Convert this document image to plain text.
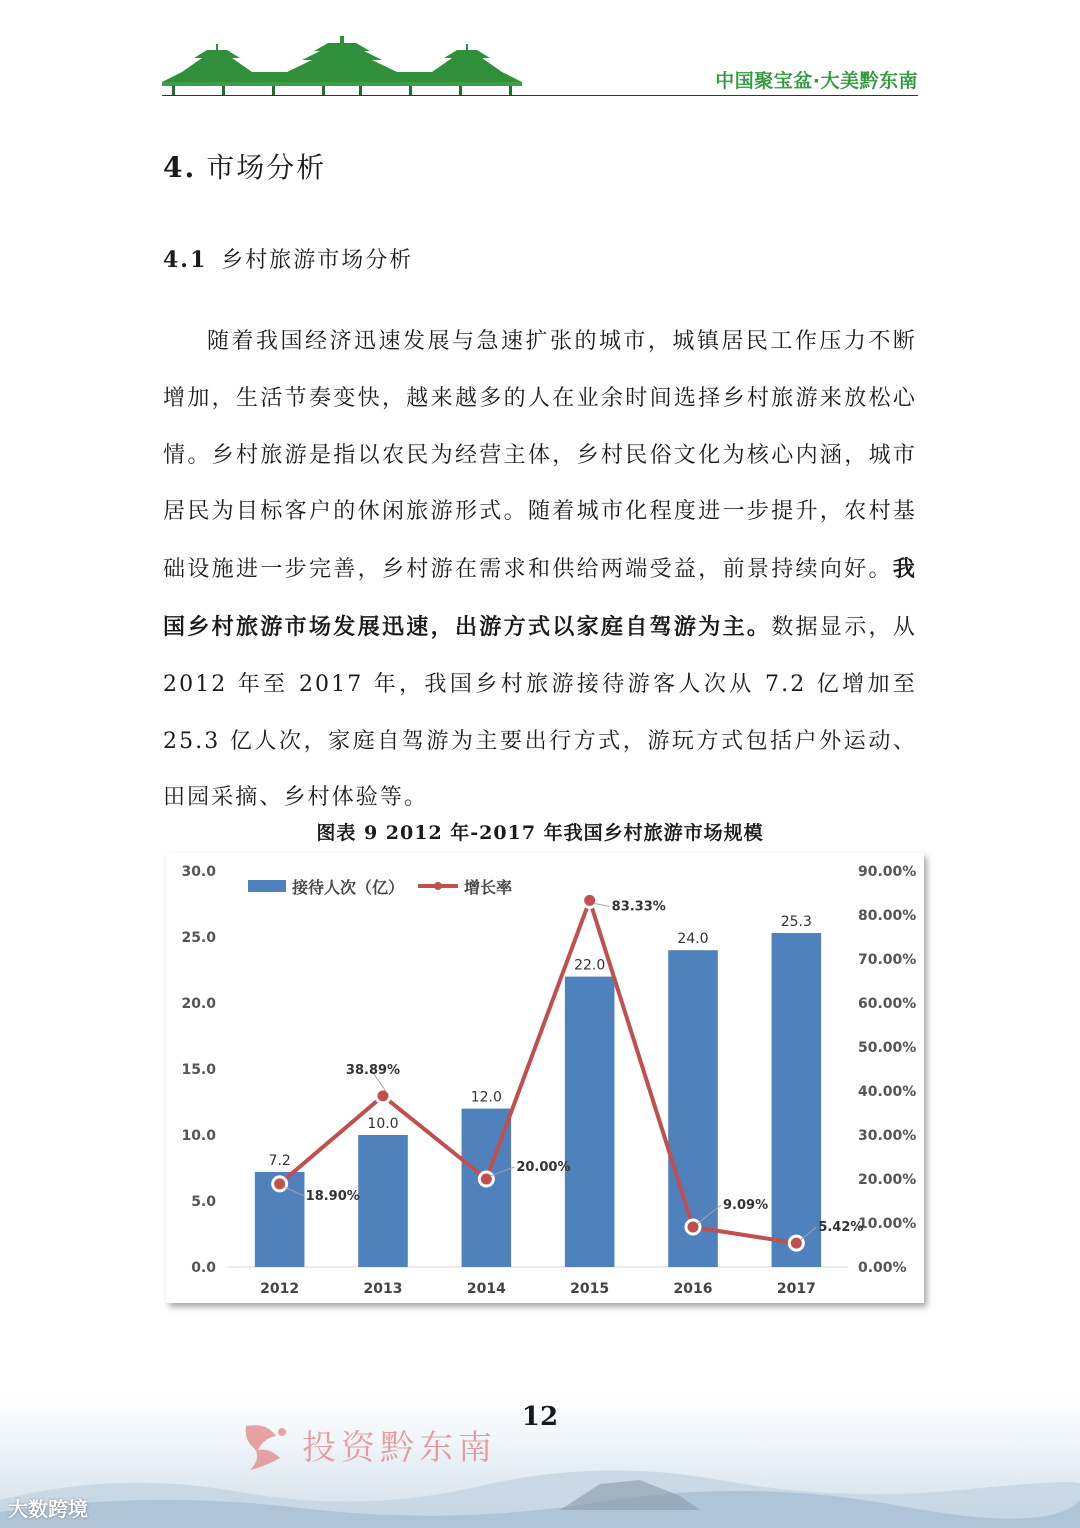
中国聚宝盆·大美黔东南
4. 市场分析
4.1 乡村旅游市场分析

随着我国经济迅速发展与急速扩张的城市，城镇居民工作压力不断增加，生活节奏变快，越来越多的人在业余时间选择乡村旅游来放松心情。乡村旅游是指以农民为经营主体，乡村民俗文化为核心内涵，城市居民为目标客户的休闲旅游形式。随着城市化程度进一步提升，农村基础设施进一步完善，乡村游在需求和供给两端受益，前景持续向好。我国乡村旅游市场发展迅速，出游方式以家庭自驾游为主。数据显示，从 2012 年至 2017 年，我国乡村旅游接待游客人次从 7.2 亿增加至 25.3 亿人次，家庭自驾游为主要出行方式，游玩方式包括户外运动、田园采摘、乡村体验等。

图表 9 2012 年-2017 年我国乡村旅游市场规模
0.0
5.0
10.0
15.0
20.0
25.0
30.0
0.00%
10.00%
20.00%
30.00%
40.00%
50.00%
60.00%
70.00%
80.00%
90.00%
2012	2013	2014	2015	2016	2017
7.2
10.0
12.0
22.0
24.0
25.3
18.90%
38.89%
20.00%
83.33%
9.09%
5.42%
接待人次（亿）	增长率
12
投资黔东南
大数跨境
